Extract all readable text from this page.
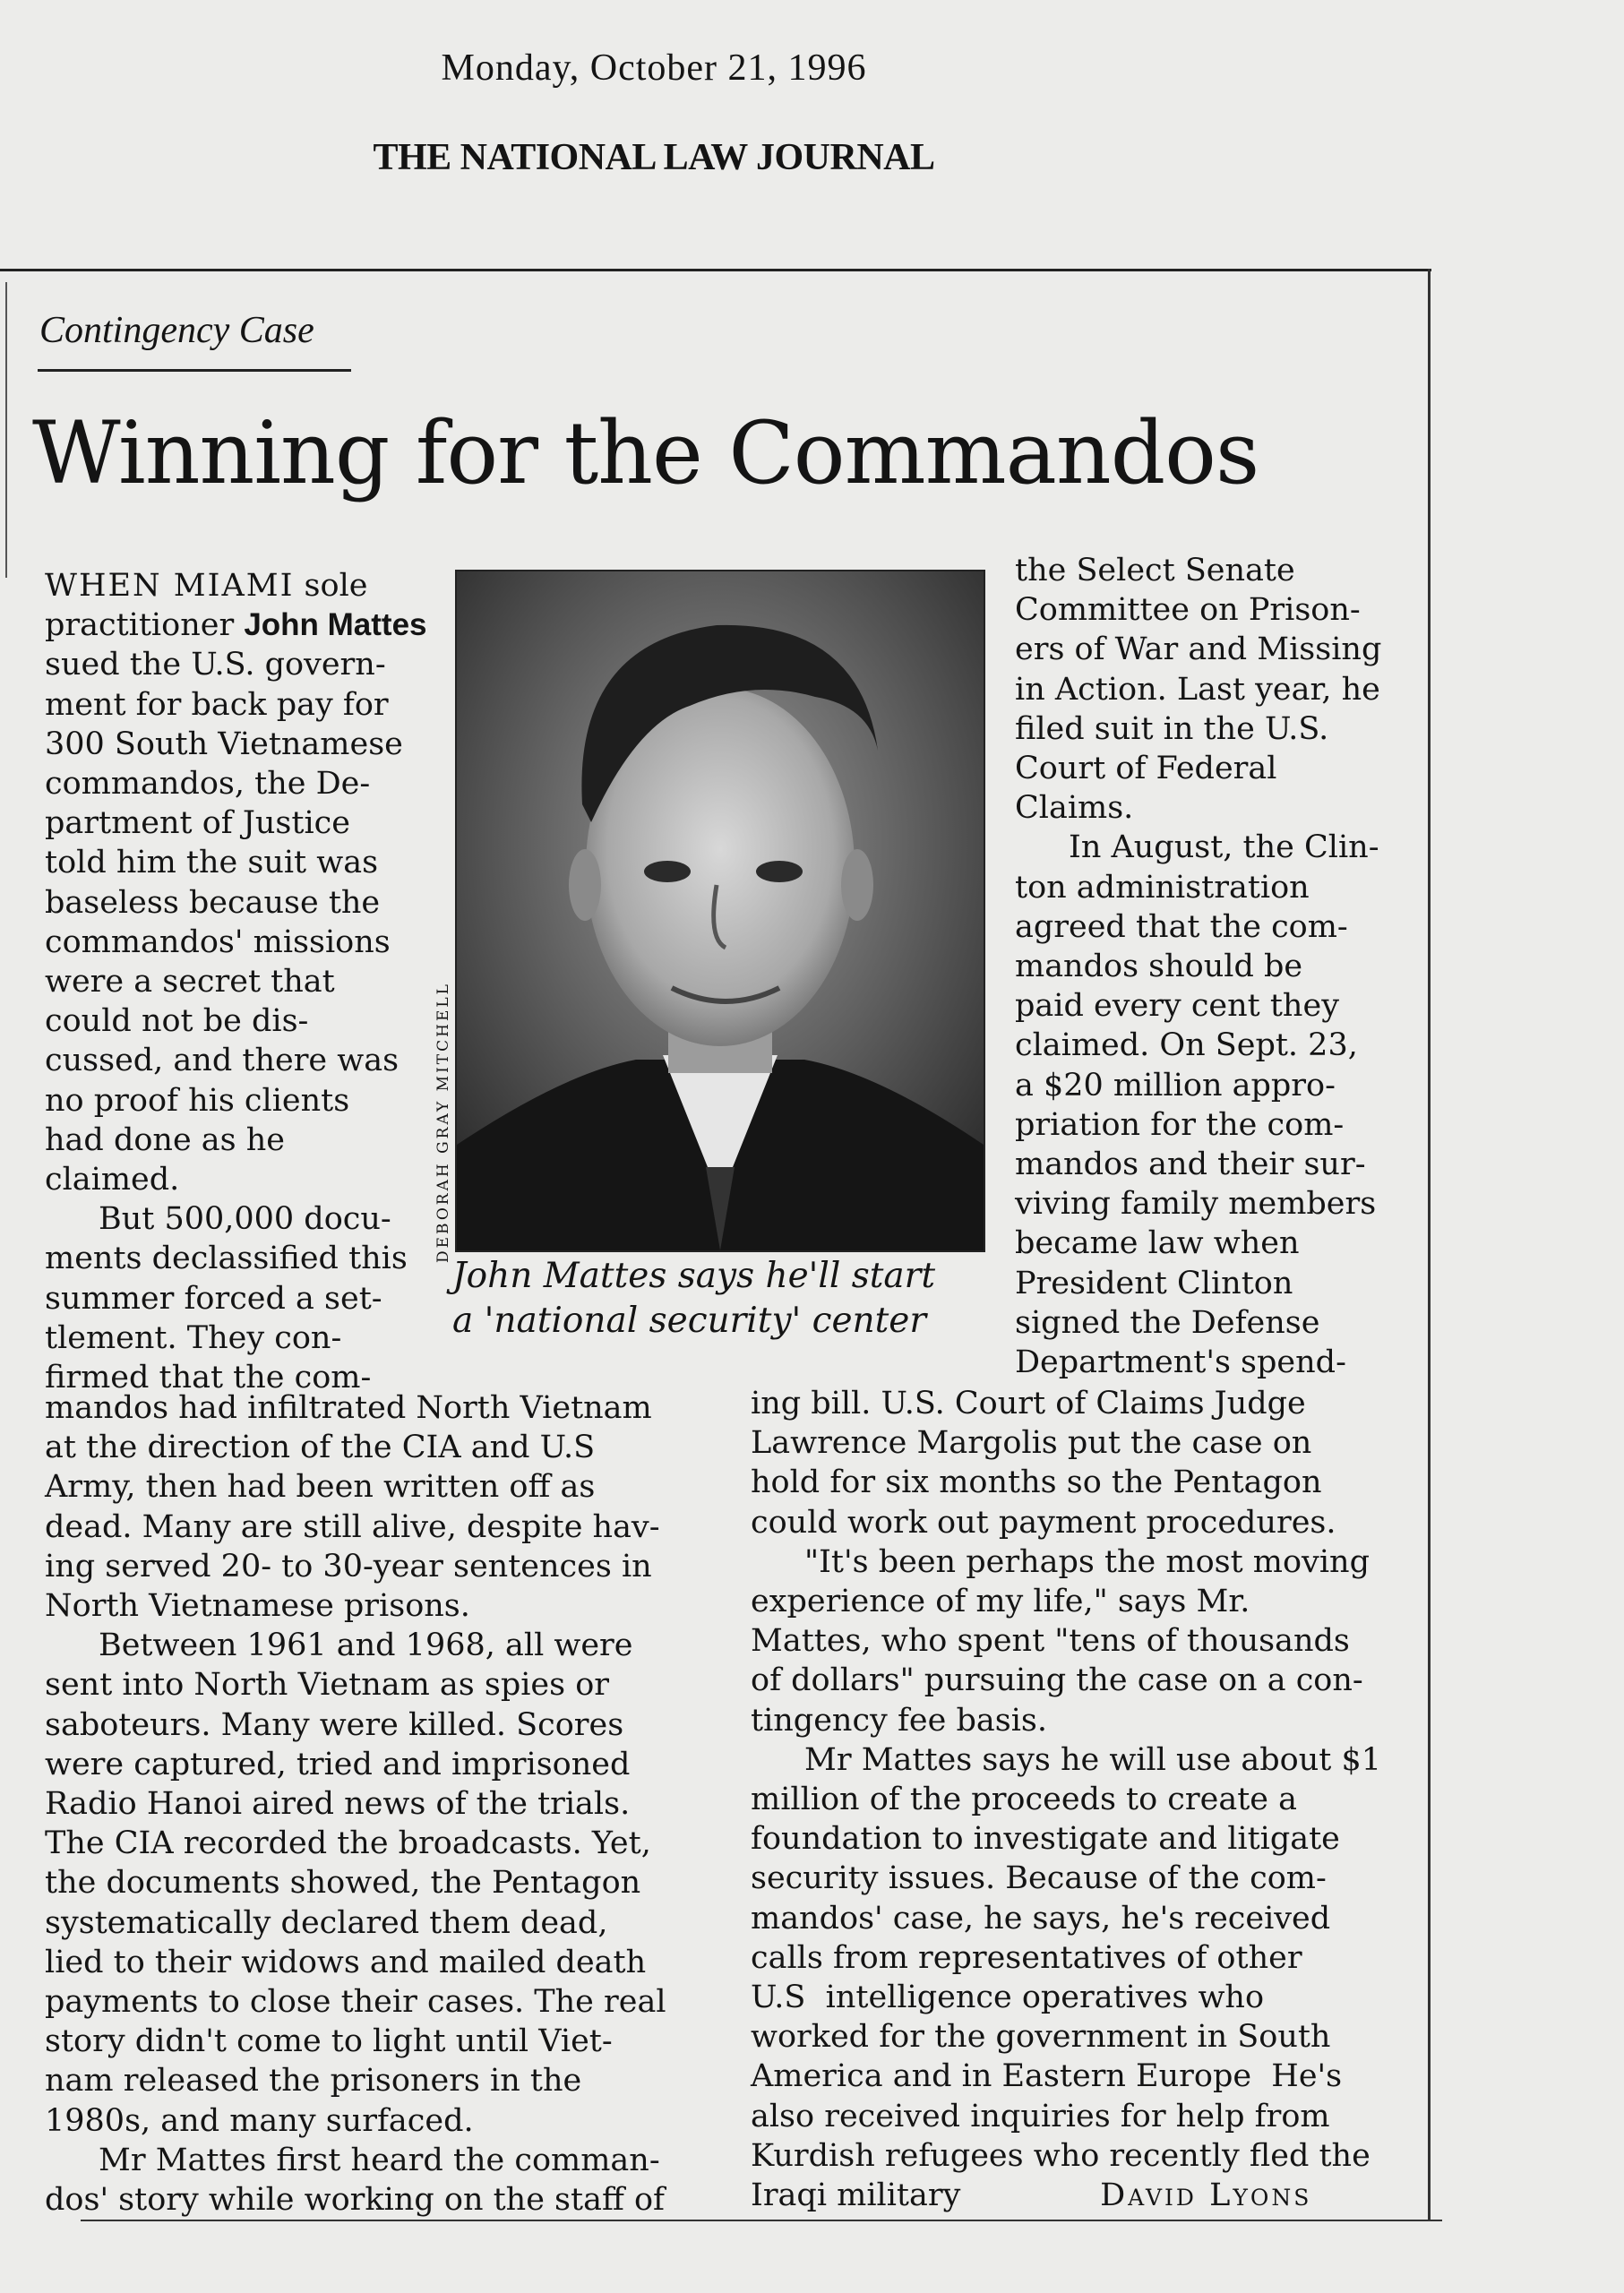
Monday, October 21, 1996
THE NATIONAL LAW JOURNAL
Contingency Case
Winning for the Commandos
WHEN MIAMI sole
practitioner John Mattes
sued the U.S. govern-
ment for back pay for
300 South Vietnamese
commandos, the De-
partment of Justice
told him the suit was
baseless because the
commandos' missions
were a secret that
could not be dis-
cussed, and there was
no proof his clients
had done as he
claimed.
But 500,000 docu-
ments declassified this
summer forced a set-
tlement. They con-
firmed that the com-
mandos had infiltrated North Vietnam
at the direction of the CIA and U.S
Army, then had been written off as
dead. Many are still alive, despite hav-
ing served 20- to 30-year sentences in
North Vietnamese prisons.
Between 1961 and 1968, all were
sent into North Vietnam as spies or
saboteurs. Many were killed. Scores
were captured, tried and imprisoned
Radio Hanoi aired news of the trials.
The CIA recorded the broadcasts. Yet,
the documents showed, the Pentagon
systematically declared them dead,
lied to their widows and mailed death
payments to close their cases. The real
story didn't come to light until Viet-
nam released the prisoners in the
1980s, and many surfaced.
Mr Mattes first heard the comman-
dos' story while working on the staff of
DEBORAH GRAY MITCHELL
John Mattes says he'll start
a 'national security' center
the Select Senate
Committee on Prison-
ers of War and Missing
in Action. Last year, he
filed suit in the U.S.
Court of Federal
Claims.
In August, the Clin-
ton administration
agreed that the com-
mandos should be
paid every cent they
claimed. On Sept. 23,
a $20 million appro-
priation for the com-
mandos and their sur-
viving family members
became law when
President Clinton
signed the Defense
Department's spend-
ing bill. U.S. Court of Claims Judge
Lawrence Margolis put the case on
hold for six months so the Pentagon
could work out payment procedures.
"It's been perhaps the most moving
experience of my life," says Mr.
Mattes, who spent "tens of thousands
of dollars" pursuing the case on a con-
tingency fee basis.
Mr Mattes says he will use about $1
million of the proceeds to create a
foundation to investigate and litigate
security issues. Because of the com-
mandos' case, he says, he's received
calls from representatives of other
U.S  intelligence operatives who
worked for the government in South
America and in Eastern Europe  He's
also received inquiries for help from
Kurdish refugees who recently fled the
Iraqi military	David Lyons
